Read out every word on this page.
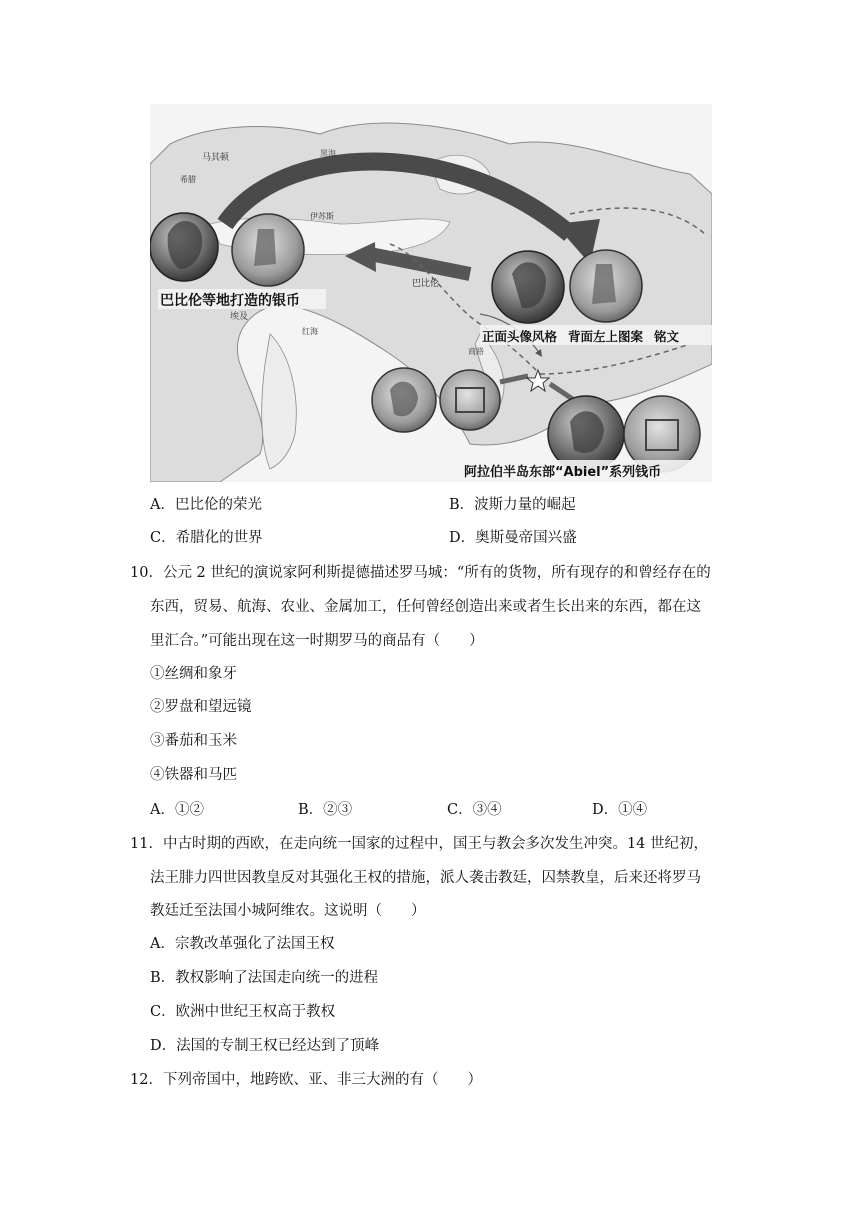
马其顿
希腊
黑海
伊苏斯
巴比伦
埃及
红海
商路
巴比伦等地打造的银币
正面头像风格 背面左上图案 铭文
阿拉伯半岛东部“Abiel”系列钱币
A．巴比伦的荣光	B．波斯力量的崛起
C．希腊化的世界	D．奥斯曼帝国兴盛
10．公元 2 世纪的演说家阿利斯提德描述罗马城：“所有的货物，所有现存的和曾经存在的
东西，贸易、航海、农业、金属加工，任何曾经创造出来或者生长出来的东西，都在这
里汇合。”可能出现在这一时期罗马的商品有（　　）
①丝绸和象牙
②罗盘和望远镜
③番茄和玉米
④铁器和马匹
A．①②	B．②③	C．③④	D．①④
11．中古时期的西欧，在走向统一国家的过程中，国王与教会多次发生冲突。14 世纪初，
法王腓力四世因教皇反对其强化王权的措施，派人袭击教廷，囚禁教皇，后来还将罗马
教廷迁至法国小城阿维农。这说明（　　）
A．宗教改革强化了法国王权
B．教权影响了法国走向统一的进程
C．欧洲中世纪王权高于教权
D．法国的专制王权已经达到了顶峰
12．下列帝国中，地跨欧、亚、非三大洲的有（　　）
